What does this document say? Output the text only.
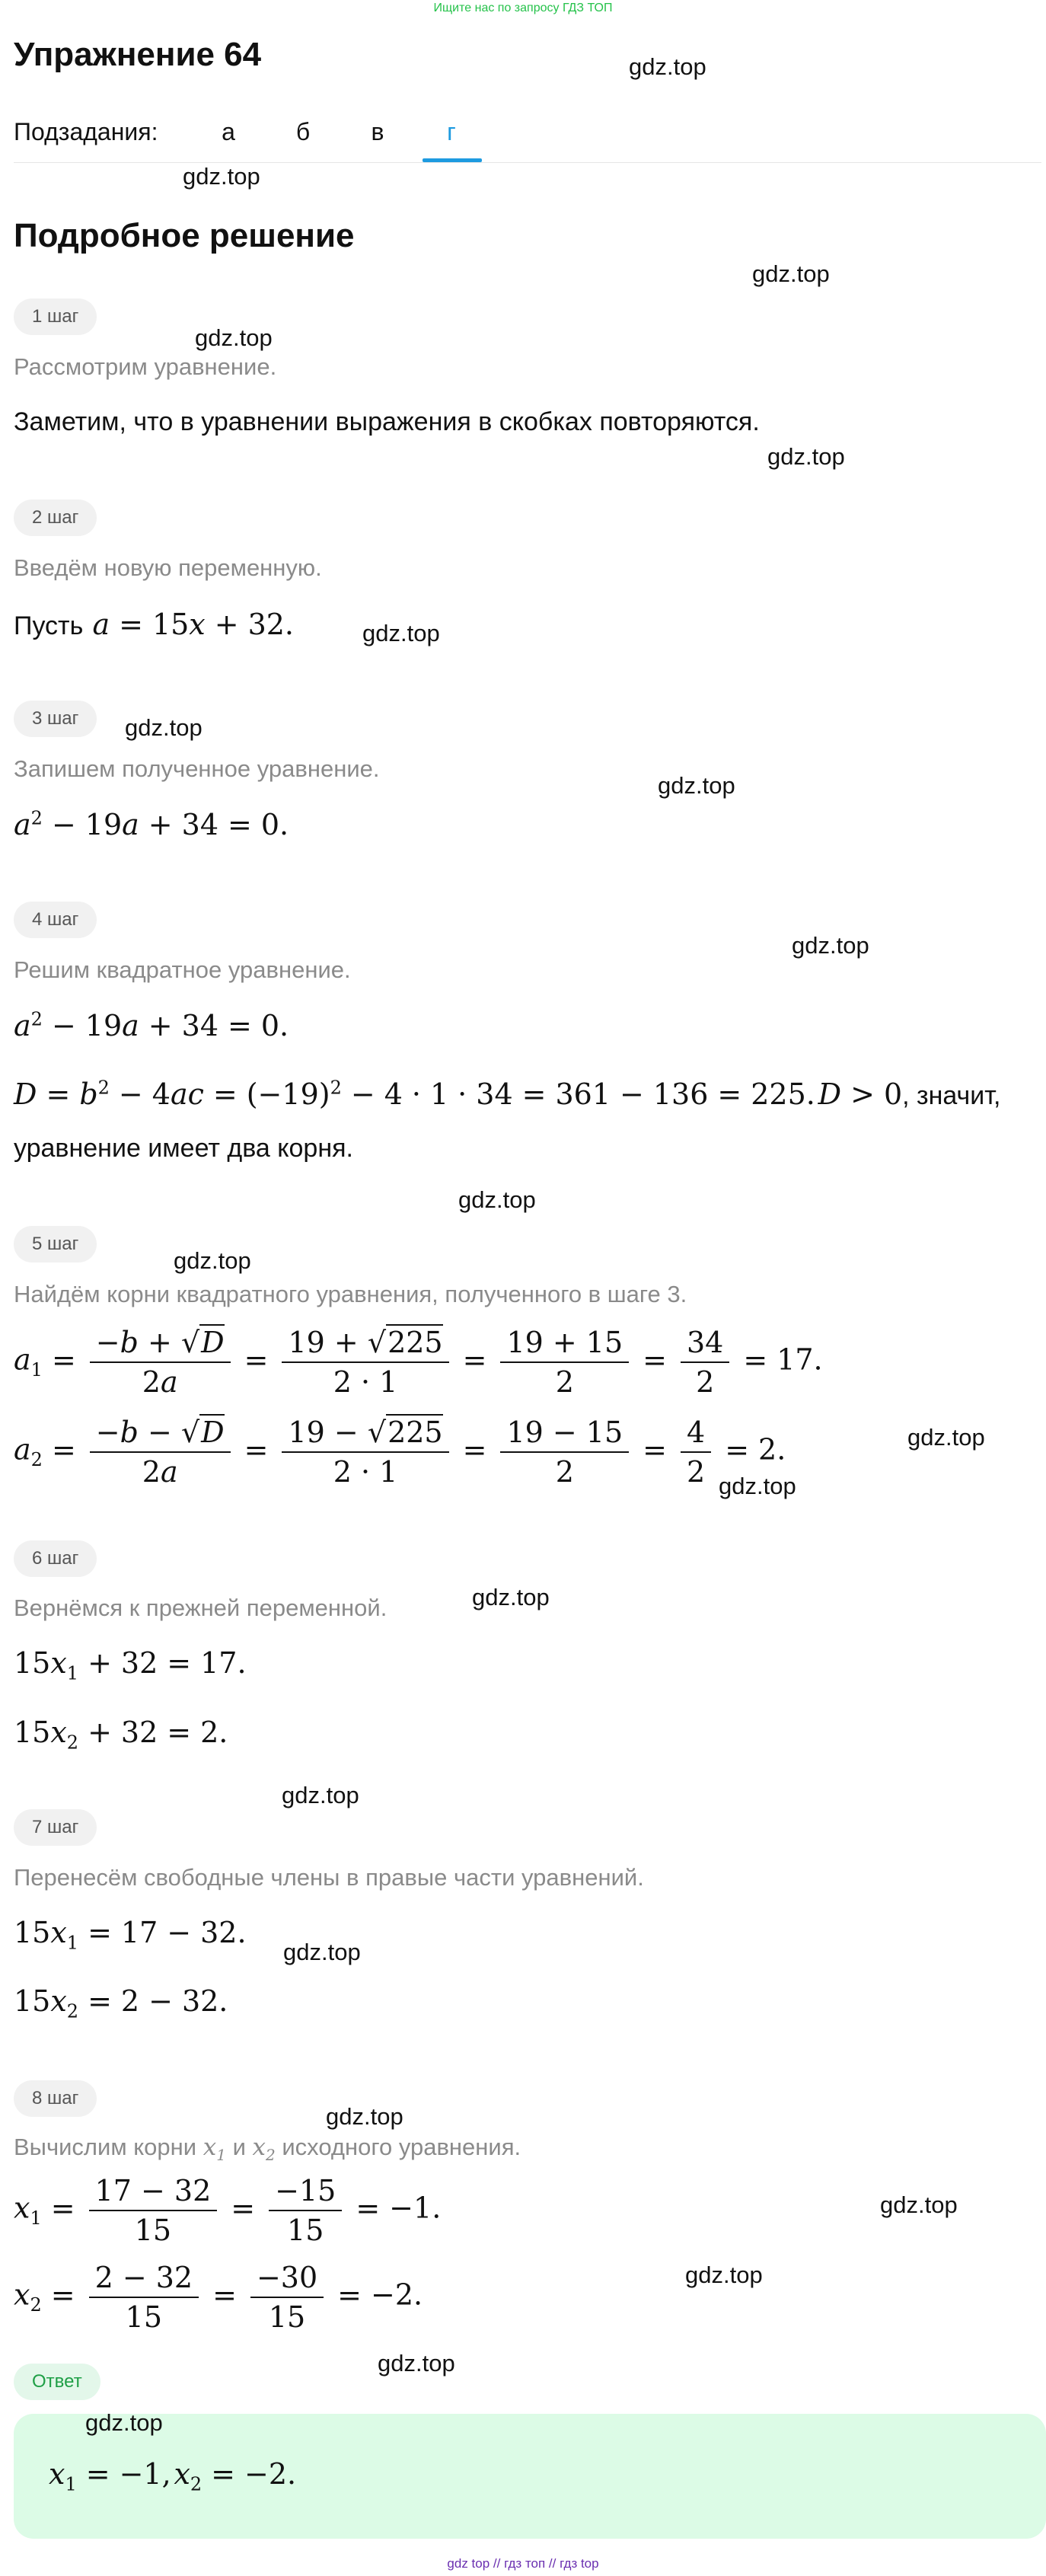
Ищите нас по запросу ГДЗ ТОП
Упражнение 64
Подзадания:	а	б	в	г
Подробное решение
1 шаг
Рассмотрим уравнение.
Заметим, что в уравнении выражения в скобках повторяются.
2 шаг
Введём новую переменную.
Пусть a = 15x + 32.
3 шаг
Запишем полученное уравнение.
$a^2 - 19a + 34 = 0$.
4 шаг
Решим квадратное уравнение.
$a^2 - 19a + 34 = 0$.
$D = b^2 - 4ac = (-19)^2 - 4 \cdot 1 \cdot 34 = 361 - 136 = 225$. D > 0, значит,
уравнение имеет два корня.
5 шаг
Найдём корни квадратного уравнения, полученного в шаге 3.
$a_1 = \frac{-b + √D}{2a} = \frac{19 + √225}{2 \cdot 1} = \frac{19 + 15}{2} = \frac{34}{2} = 17$.
$a_2 = \frac{-b - √D}{2a} = \frac{19 - √225}{2 \cdot 1} = \frac{19 - 15}{2} = \frac{4}{2} = 2$.
6 шаг
Вернёмся к прежней переменной.
$15x_1 + 32 = 17$.
$15x_2 + 32 = 2$.
7 шаг
Перенесём свободные члены в правые части уравнений.
$15x_1 = 17 - 32$.
$15x_2 = 2 - 32$.
8 шаг
Вычислим корни $x_1$ и $x_2$ исходного уравнения.
$x_1 = \frac{17 - 32}{15} = \frac{-15}{15} = -1$.
$x_2 = \frac{2 - 32}{15} = \frac{-30}{15} = -2$.
Ответ
$x_1 = -1$, $x_2 = -2$.
gdz.top
gdz.top
gdz.top
gdz.top
gdz.top
gdz.top
gdz.top
gdz.top
gdz.top
gdz.top
gdz.top
gdz.top
gdz.top
gdz.top
gdz.top
gdz.top
gdz.top
gdz.top
gdz.top
gdz.top
gdz.top
gdz top // гдз топ // гдз top
